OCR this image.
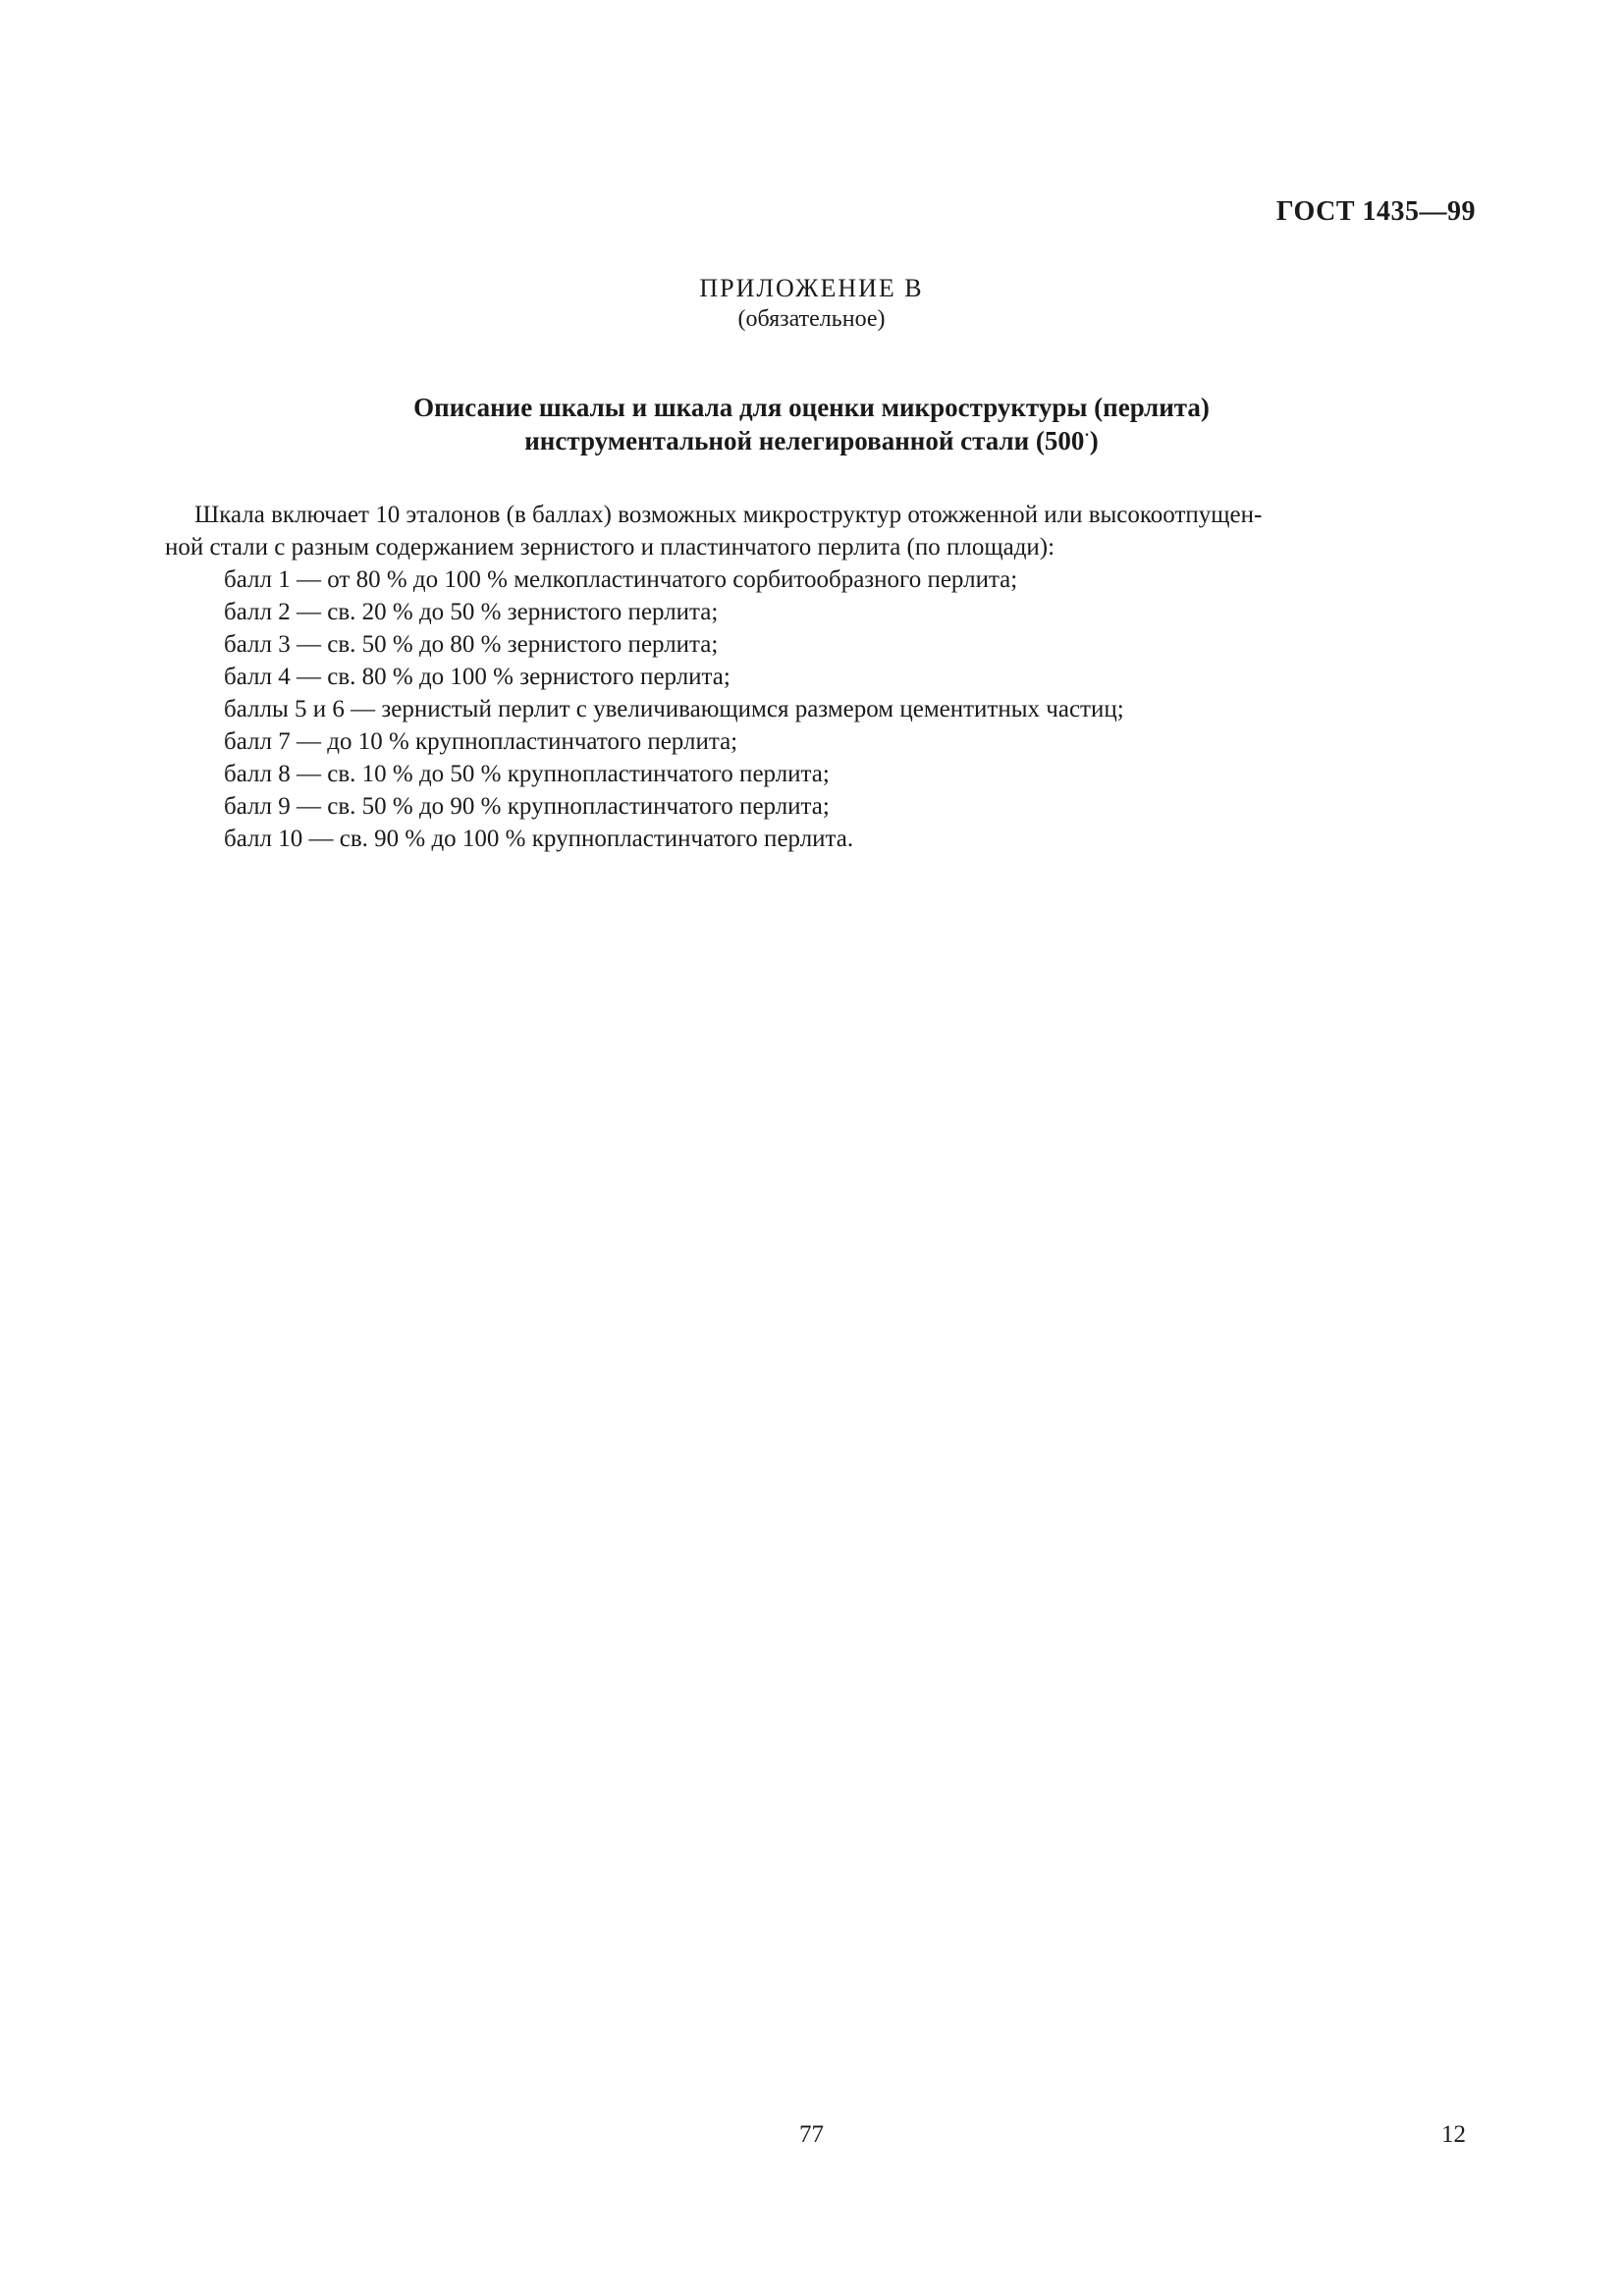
ГОСТ 1435—99
ПРИЛОЖЕНИЕ В
(обязательное)
Описание шкалы и шкала для оценки микроструктуры (перлита)
инструментальной нелегированной стали (500·)

Шкала включает 10 эталонов (в баллах) возможных микроструктур отожженной или высокоотпущен-

ной стали с разным содержанием зернистого и пластинчатого перлита (по площади):
балл 1 — от 80 % до 100 % мелкопластинчатого сорбитообразного перлита;
балл 2 — св. 20 % до 50 % зернистого перлита;
балл 3 — св. 50 % до 80 % зернистого перлита;
балл 4 — св. 80 % до 100 % зернистого перлита;
баллы 5 и 6 — зернистый перлит с увеличивающимся размером цементитных частиц;
балл 7 — до 10 % крупнопластинчатого перлита;
балл 8 — св. 10 % до 50 % крупнопластинчатого перлита;
балл 9 — св. 50 % до 90 % крупнопластинчатого перлита;
балл 10 — св. 90 % до 100 % крупнопластинчатого перлита.
77	12
